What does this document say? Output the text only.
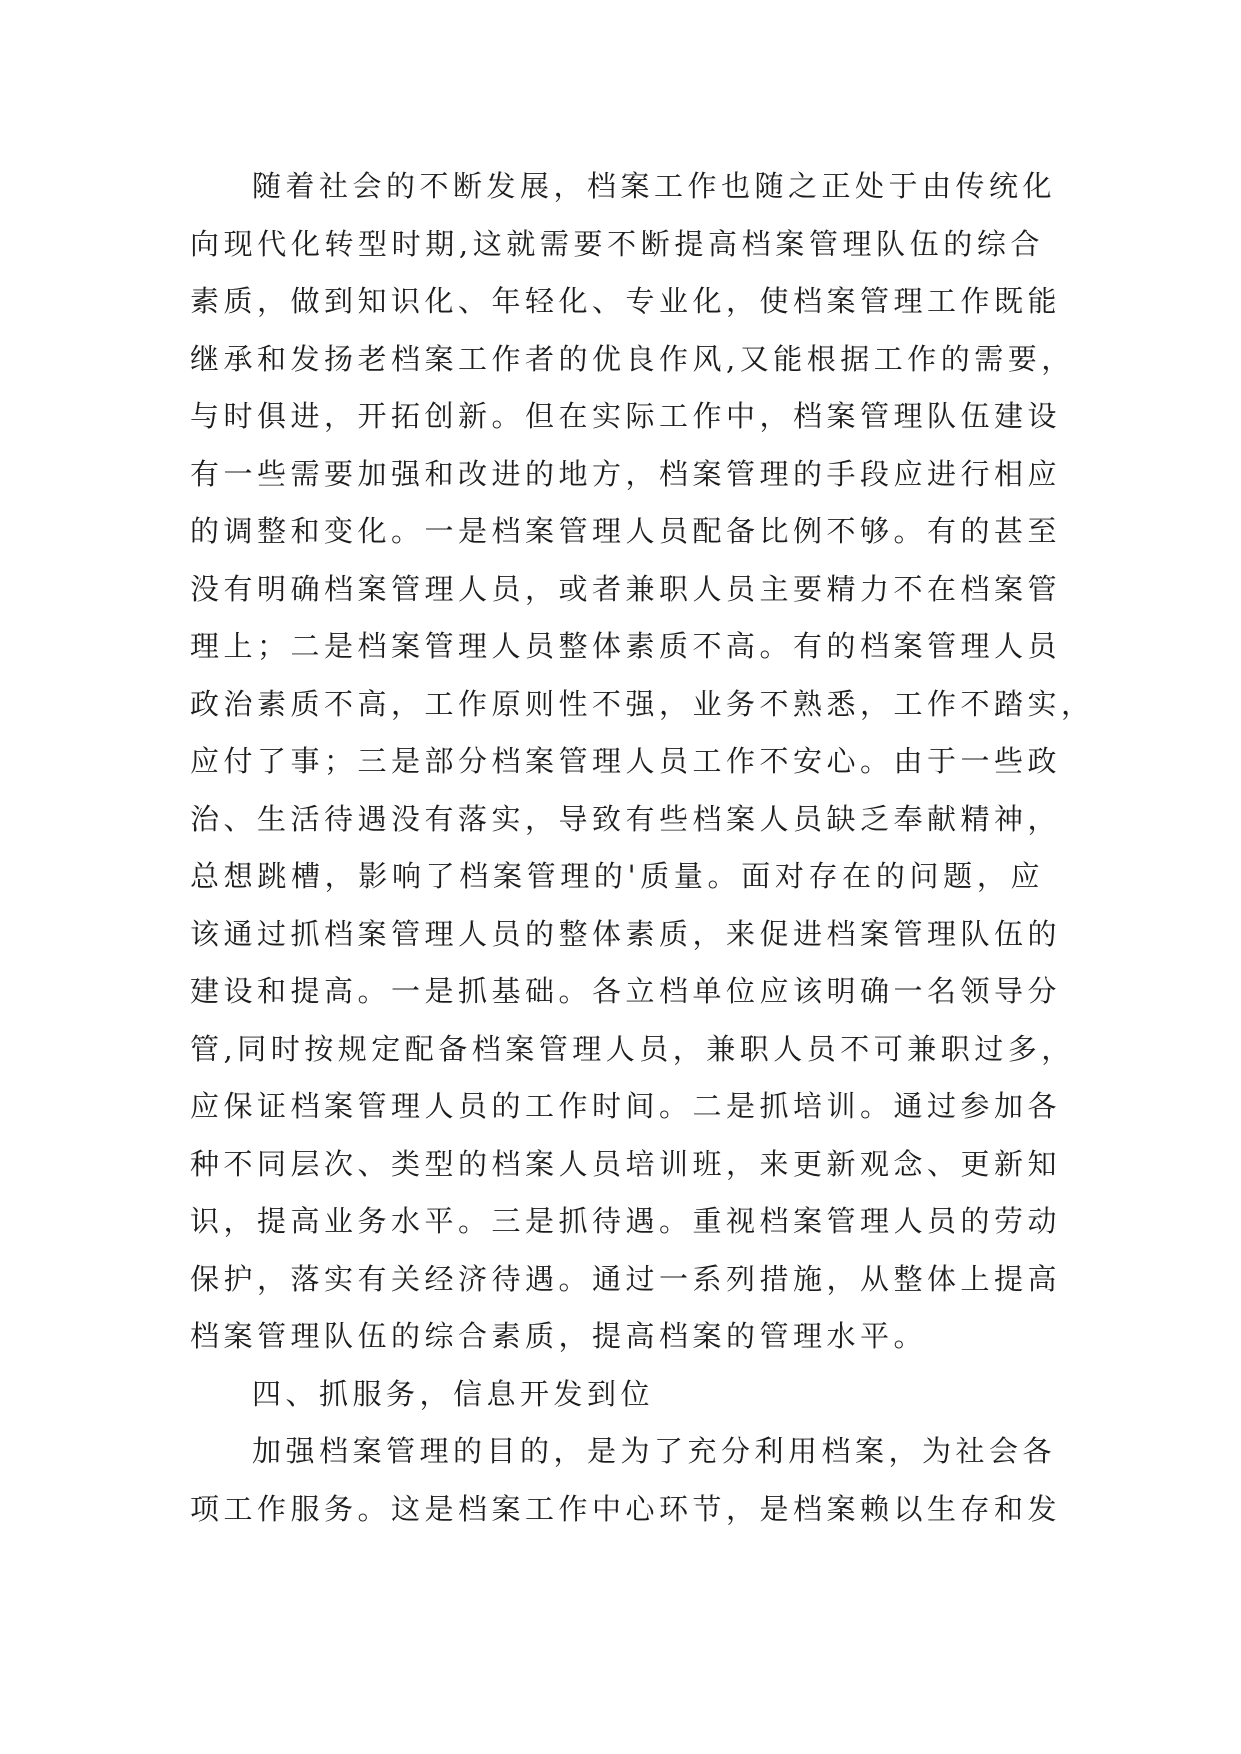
随着社会的不断发展，档案工作也随之正处于由传统化
向现代化转型时期,这就需要不断提高档案管理队伍的综合
素质，做到知识化、年轻化、专业化，使档案管理工作既能
继承和发扬老档案工作者的优良作风,又能根据工作的需要，
与时俱进，开拓创新。但在实际工作中，档案管理队伍建设
有一些需要加强和改进的地方，档案管理的手段应进行相应
的调整和变化。一是档案管理人员配备比例不够。有的甚至
没有明确档案管理人员，或者兼职人员主要精力不在档案管
理上；二是档案管理人员整体素质不高。有的档案管理人员
政治素质不高，工作原则性不强，业务不熟悉，工作不踏实，
应付了事；三是部分档案管理人员工作不安心。由于一些政
治、生活待遇没有落实，导致有些档案人员缺乏奉献精神，
总想跳槽，影响了档案管理的'质量。面对存在的问题，应
该通过抓档案管理人员的整体素质，来促进档案管理队伍的
建设和提高。一是抓基础。各立档单位应该明确一名领导分
管,同时按规定配备档案管理人员，兼职人员不可兼职过多，
应保证档案管理人员的工作时间。二是抓培训。通过参加各
种不同层次、类型的档案人员培训班，来更新观念、更新知
识，提高业务水平。三是抓待遇。重视档案管理人员的劳动
保护，落实有关经济待遇。通过一系列措施，从整体上提高
档案管理队伍的综合素质，提高档案的管理水平。
四、抓服务，信息开发到位
加强档案管理的目的，是为了充分利用档案，为社会各
项工作服务。这是档案工作中心环节，是档案赖以生存和发
